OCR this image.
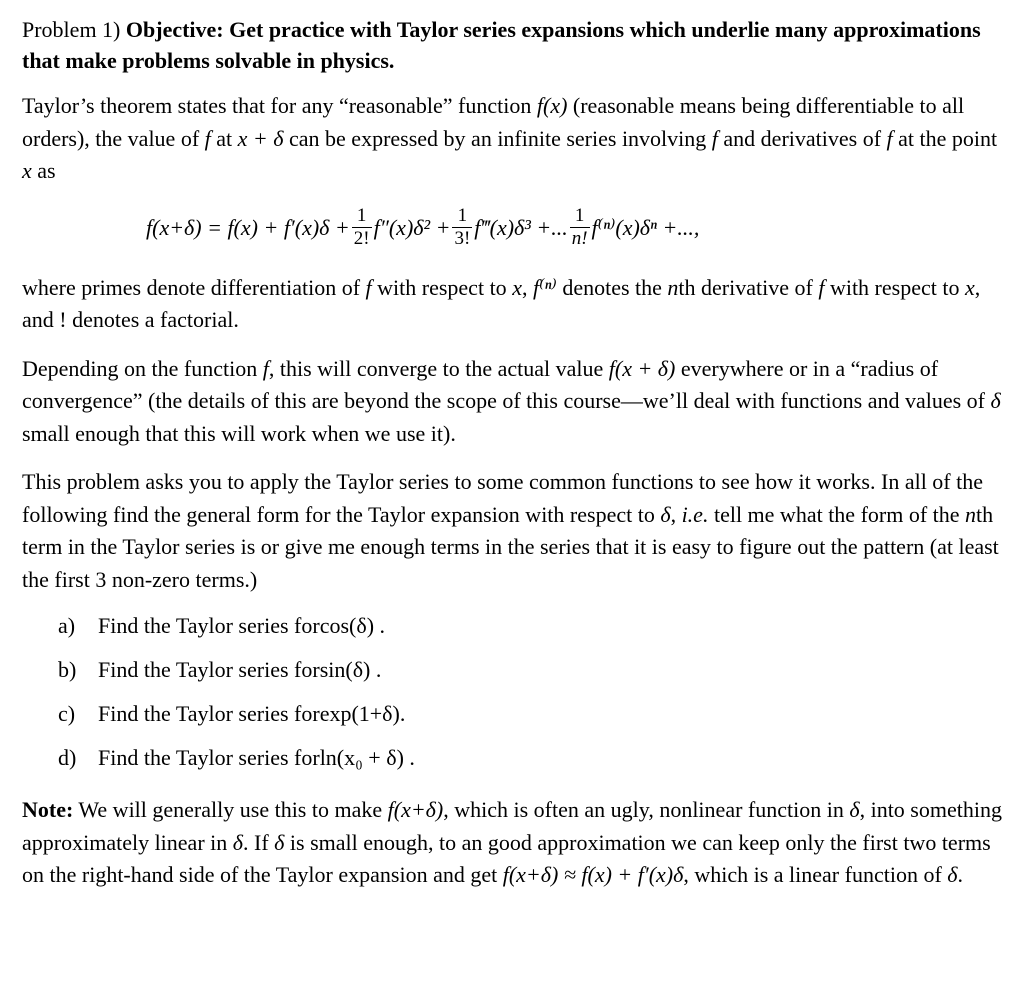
Problem 1) Objective: Get practice with Taylor series expansions which underlie many approximations that make problems solvable in physics.

Taylor’s theorem states that for any “reasonable” function f(x) (reasonable means being differentiable to all orders), the value of f at x + δ can be expressed by an infinite series involving f and derivatives of f at the point x as

$f(x+\delta) = f(x) + f'(x)\delta + \frac{1}{2!} f''(x)\delta^2 + \frac{1}{3!}$ f‴(x)δ³ +... $\frac{1}{n!} f^{(n)}(x)\delta^n$ +...,

where primes denote differentiation of f with respect to x, f⁽ⁿ⁾ denotes the nth derivative of f with respect to x, and ! denotes a factorial.

Depending on the function f, this will converge to the actual value f(x + δ) everywhere or in a “radius of convergence” (the details of this are beyond the scope of this course—we’ll deal with functions and values of δ small enough that this will work when we use it).

This problem asks you to apply the Taylor series to some common functions to see how it works. In all of the following find the general form for the Taylor expansion with respect to δ, i.e. tell me what the form of the nth term in the Taylor series is or give me enough terms in the series that it is easy to figure out the pattern (at least the first 3 non-zero terms.)

a)	Find the Taylor series for cos(δ) .
b) Find the Taylor series for sin(δ) .
c)	Find the Taylor series for exp(1+δ).
d) Find the Taylor series for ln(x₀ + δ) .

Note: We will generally use this to make f(x+δ), which is often an ugly, nonlinear function in δ, into something approximately linear in δ. If δ is small enough, to an good approximation we can keep only the first two terms on the right-hand side of the Taylor expansion and get f(x+δ) ≈ f(x) + f′(x)δ, which is a linear function of δ.
